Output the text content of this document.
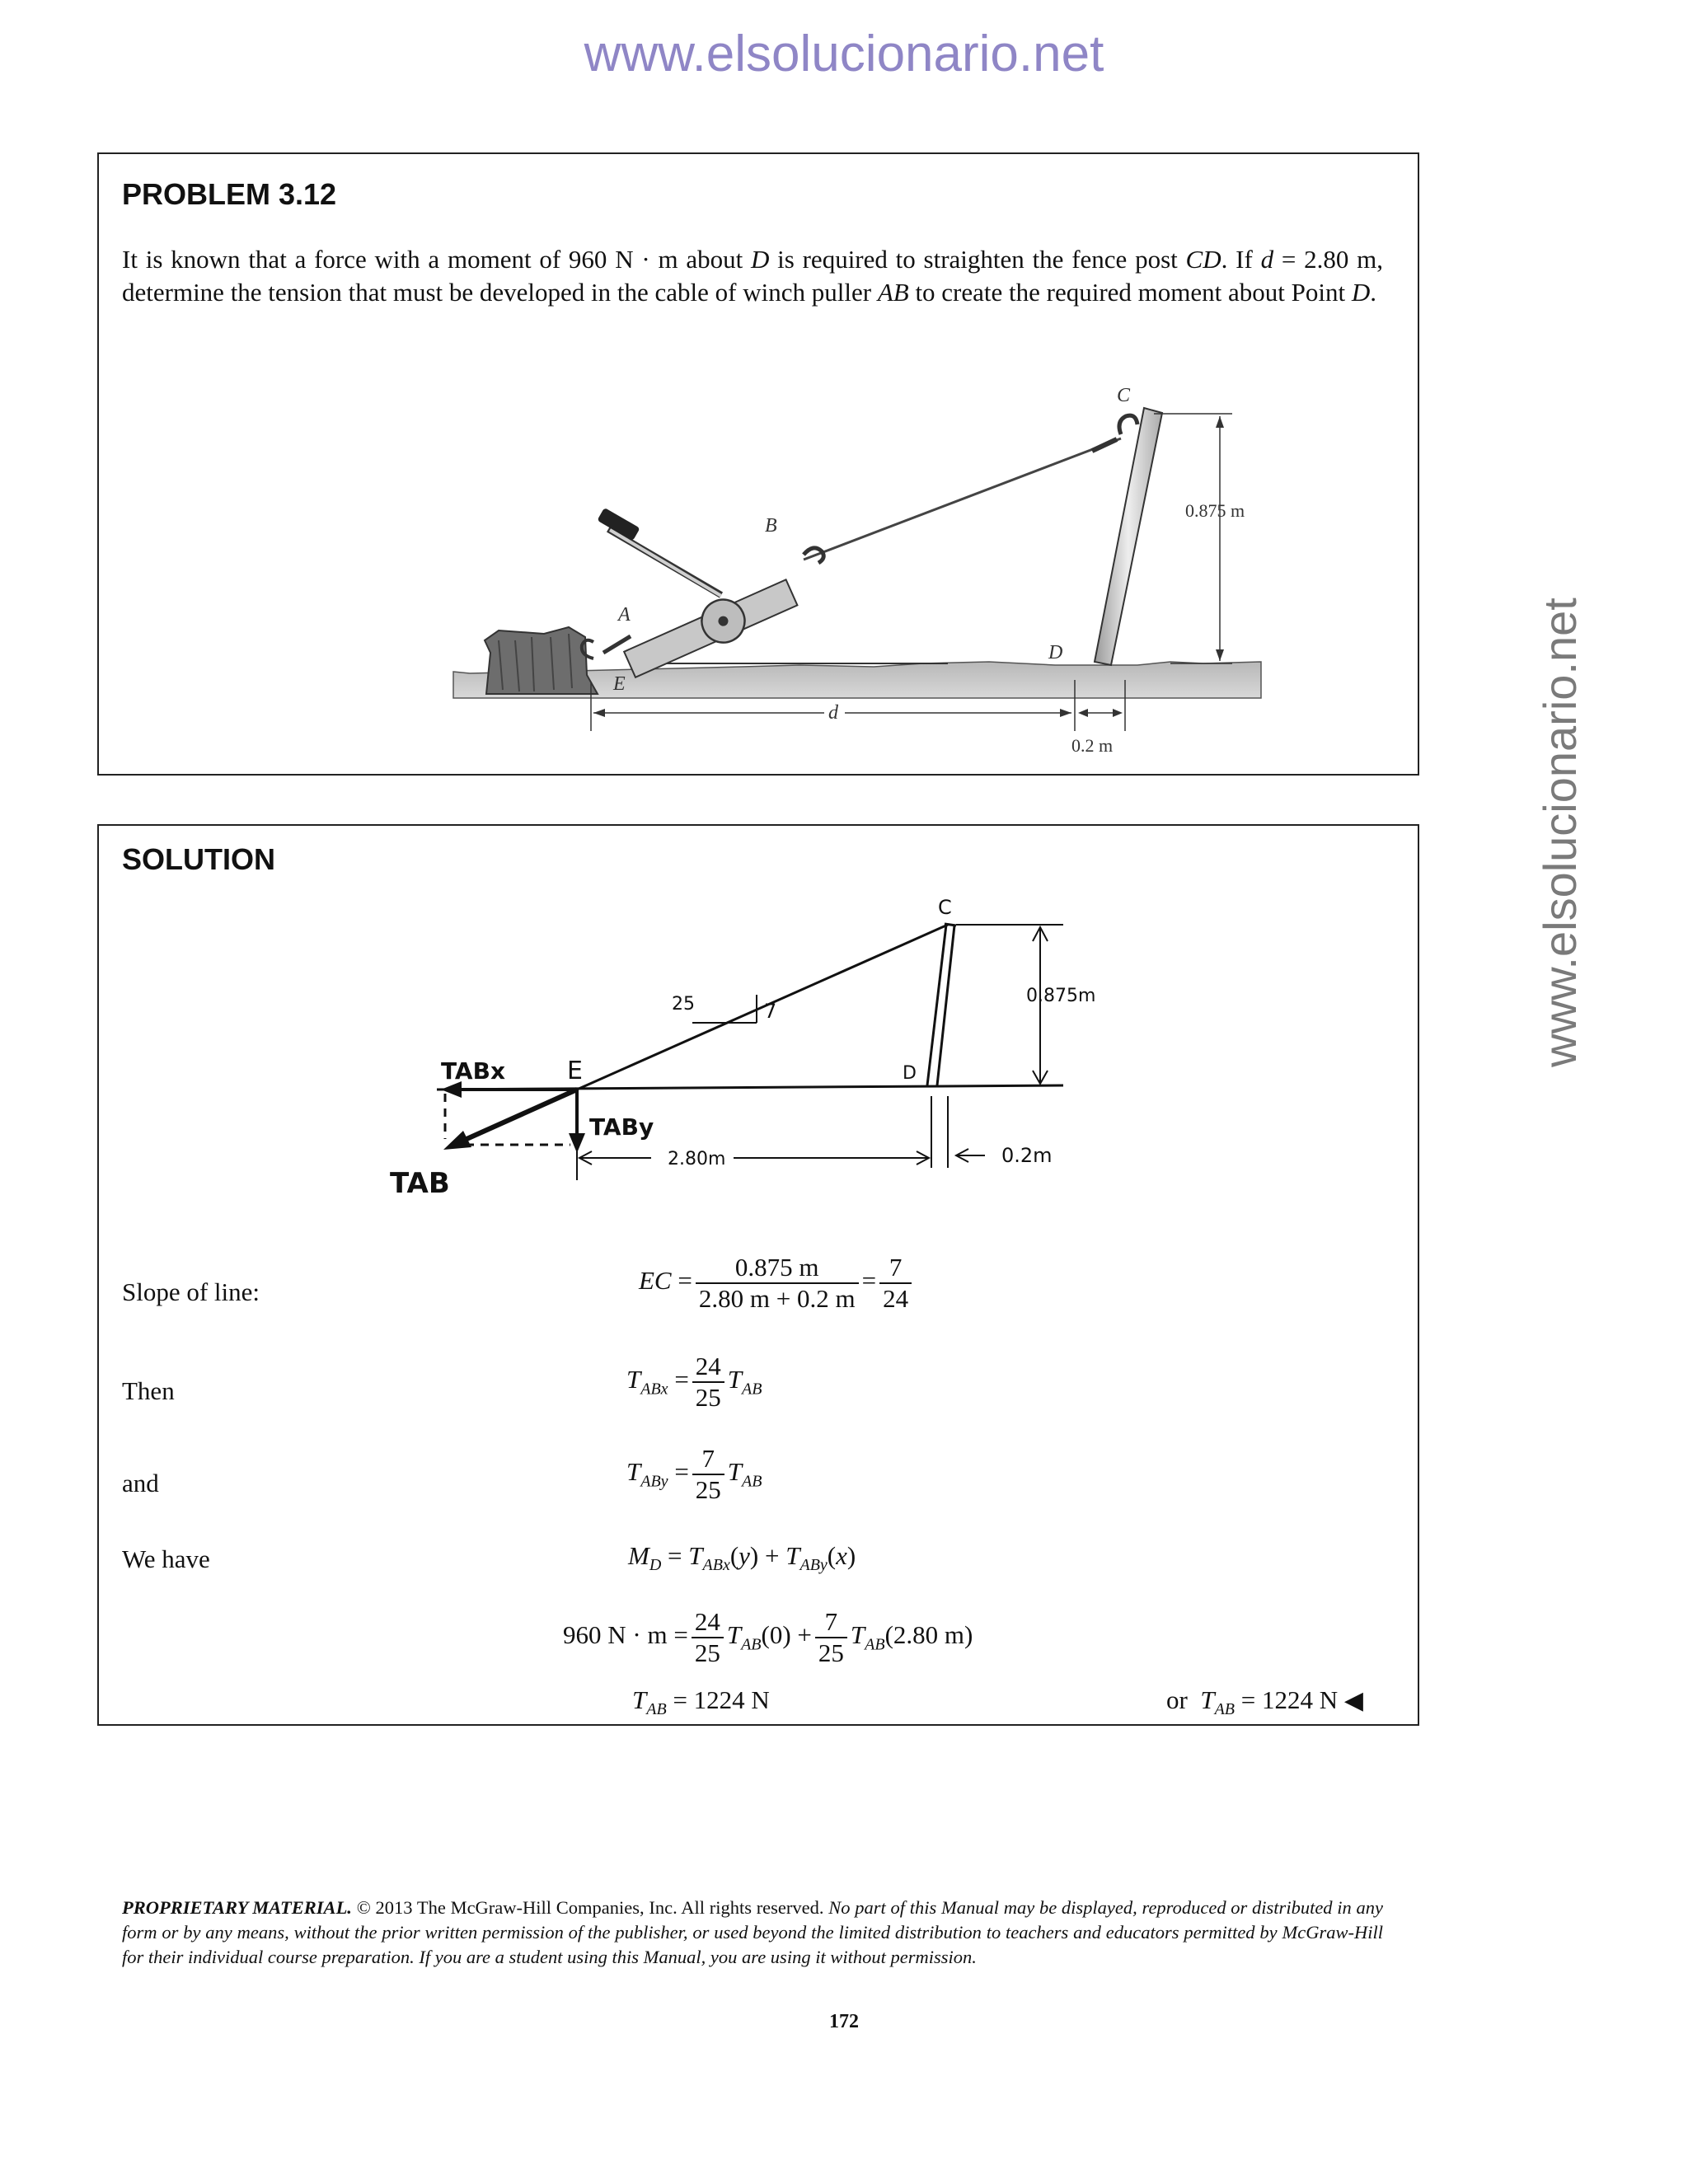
www.elsolucionario.net
www.elsolucionario.net
PROBLEM 3.12
It is known that a force with a moment of 960 N · m about D is required to straighten the fence post CD. If d = 2.80 m, determine the tension that must be developed in the cable of winch puller AB to create the required moment about Point D.
0.875 m
d
0.2 m
A
B
C
D
E
SOLUTION
25	7
C
D
E
0.875m
2.80m	0.2m
TABx
TABy
TAB
Slope of line:
Then
and
We have
EC = $\frac{0.875 m}{2.80 m + 0.2 m} = \frac{7}{24}$
$T_{ABx} = \frac{24}{25} T_{AB}$
$T_{ABy} = \frac{7}{25} T_{AB}$
$M_D = T_{ABx}(y) + T_{ABy}(x)$
960 $N \cdot m = \frac{24}{25} T_{AB}(0) + \frac{7}{25} T_{AB}(2.80$ m)
$T_{AB} = 1224$ N	or $T_{AB} = 1224$ N ◀
PROPRIETARY MATERIAL. © 2013 The McGraw-Hill Companies, Inc. All rights reserved. No part of this Manual may be displayed, reproduced or distributed in any form or by any means, without the prior written permission of the publisher, or used beyond the limited distribution to teachers and educators permitted by McGraw-Hill for their individual course preparation. If you are a student using this Manual, you are using it without permission.
172
